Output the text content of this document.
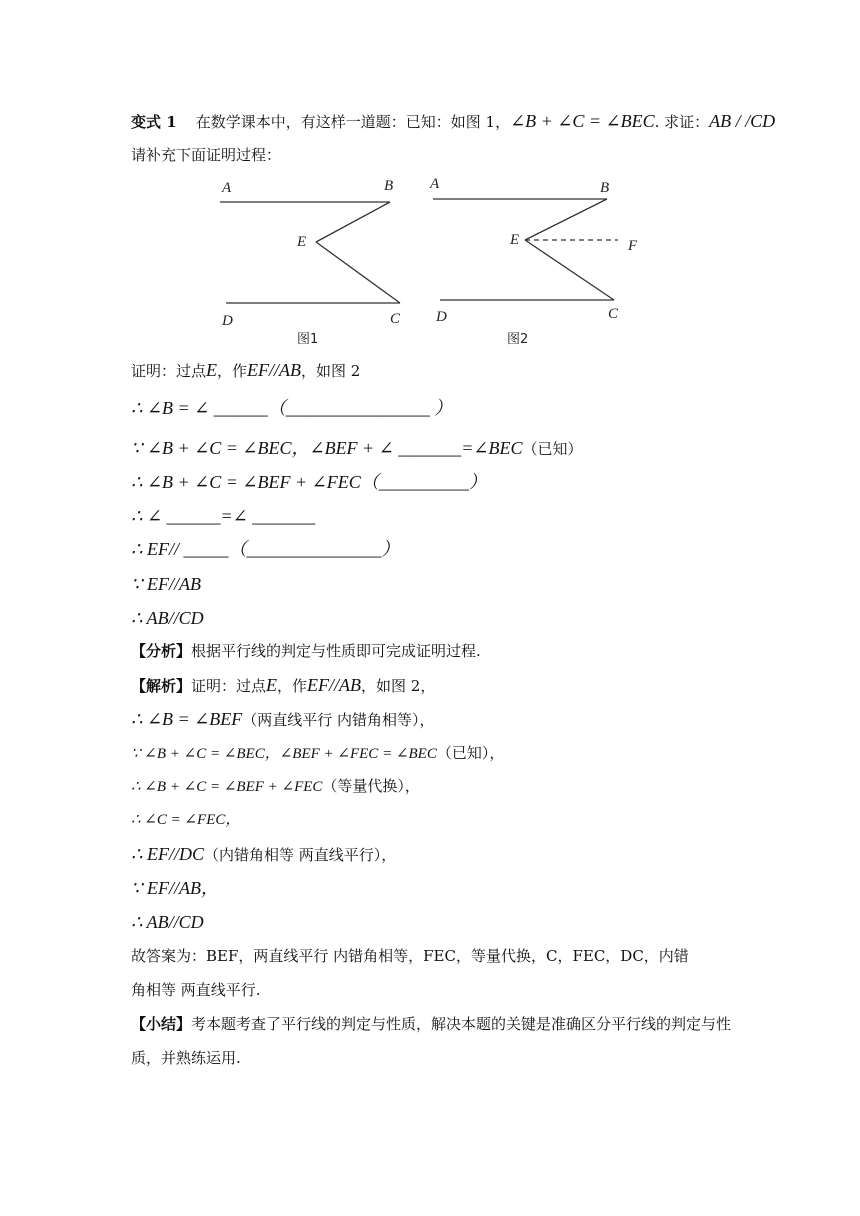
变式 1 在数学课本中，有这样一道题：已知：如图 1，∠B + ∠C = ∠BEC. 求证：AB / /CD
请补充下面证明过程：
A	B
E
D	C
图1
A	B
E	F
D	C
图2
证明：过点E，作EF//AB，如图 2
∴ ∠B = ∠ ______（________________ ）
∵ ∠B + ∠C = ∠BEC，∠BEF + ∠ _______=∠BEC（已知）
∴ ∠B + ∠C = ∠BEF + ∠FEC（__________）
∴ ∠ ______=∠ _______
∴ EF// _____（_______________）
∵ EF//AB
∴ AB//CD
【分析】根据平行线的判定与性质即可完成证明过程.
【解析】证明：过点E，作EF//AB，如图 2，
∴ ∠B = ∠BEF（两直线平行 内错角相等），
∵ ∠B + ∠C = ∠BEC，∠BEF + ∠FEC = ∠BEC（已知），
∴ ∠B + ∠C = ∠BEF + ∠FEC（等量代换），
∴ ∠C = ∠FEC，
∴ EF//DC（内错角相等 两直线平行），
∵ EF//AB，
∴ AB//CD
故答案为：BEF，两直线平行 内错角相等，FEC，等量代换，C，FEC，DC，内错
角相等 两直线平行.
【小结】考本题考查了平行线的判定与性质，解决本题的关键是准确区分平行线的判定与性
质，并熟练运用.
